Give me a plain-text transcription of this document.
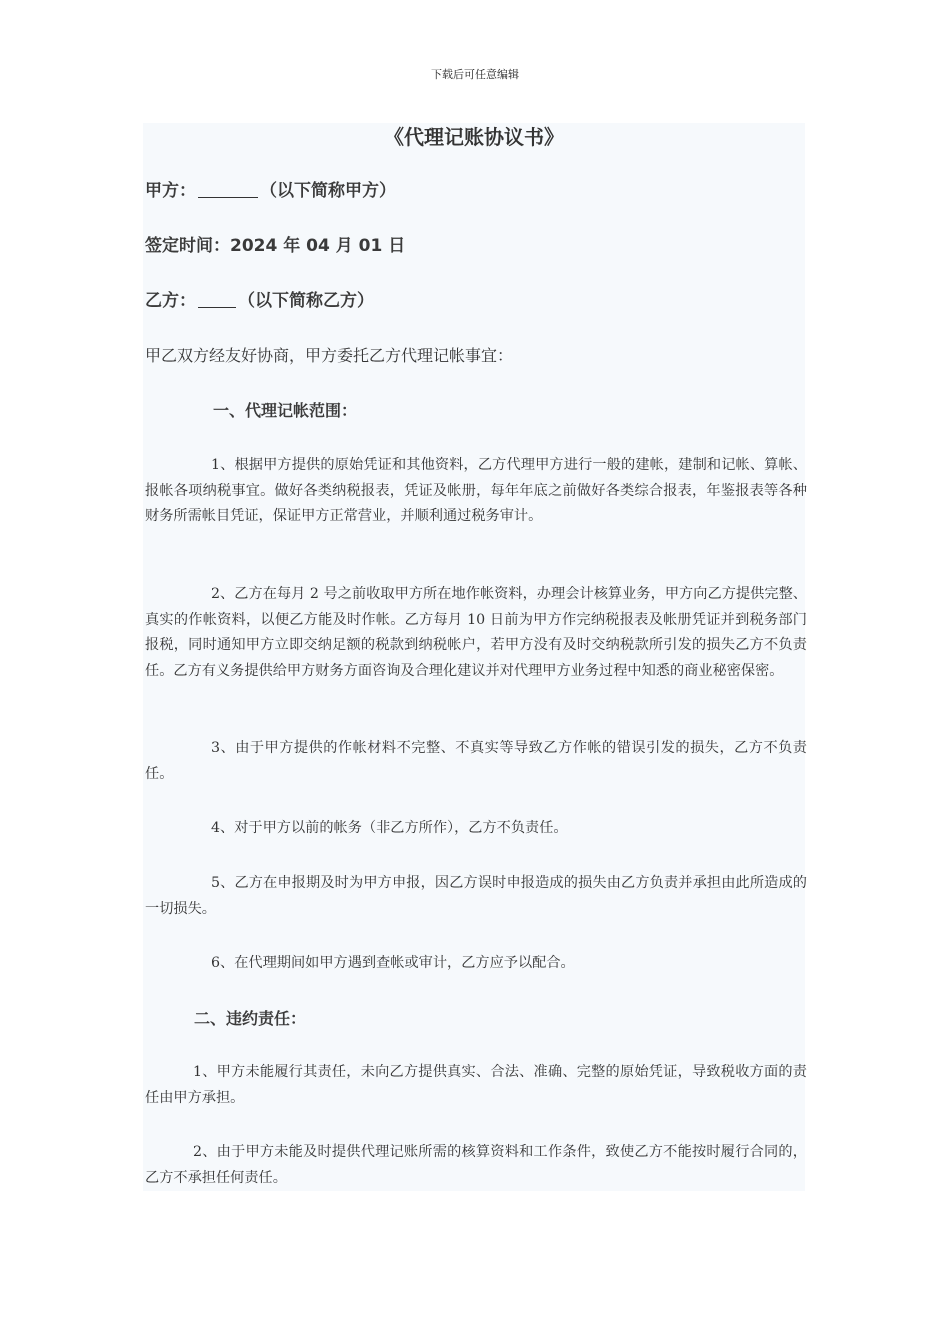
下载后可任意编辑
《代理记账协议书》
甲方：	（以下简称甲方）
签定时间：2024 年 04 月 01 日
乙方： （以下简称乙方）
甲乙双方经友好协商，甲方委托乙方代理记帐事宜：
一、代理记帐范围：
1、根据甲方提供的原始凭证和其他资料，乙方代理甲方进行一般的建帐，建制和记帐、算帐、报帐各项纳税事宜。做好各类纳税报表，凭证及帐册，每年年底之前做好各类综合报表，年鉴报表等各种财务所需帐目凭证，保证甲方正常营业，并顺利通过税务审计。
2、乙方在每月 2 号之前收取甲方所在地作帐资料，办理会计核算业务，甲方向乙方提供完整、真实的作帐资料，以便乙方能及时作帐。乙方每月 10 日前为甲方作完纳税报表及帐册凭证并到税务部门报税，同时通知甲方立即交纳足额的税款到纳税帐户，若甲方没有及时交纳税款所引发的损失乙方不负责任。乙方有义务提供给甲方财务方面咨询及合理化建议并对代理甲方业务过程中知悉的商业秘密保密。
3、由于甲方提供的作帐材料不完整、不真实等导致乙方作帐的错误引发的损失，乙方不负责任。
4、对于甲方以前的帐务（非乙方所作），乙方不负责任。
5、乙方在申报期及时为甲方申报，因乙方误时申报造成的损失由乙方负责并承担由此所造成的一切损失。
6、在代理期间如甲方遇到查帐或审计，乙方应予以配合。
二、违约责任：
1、甲方未能履行其责任，未向乙方提供真实、合法、准确、完整的原始凭证，导致税收方面的责任由甲方承担。
2、由于甲方未能及时提供代理记账所需的核算资料和工作条件，致使乙方不能按时履行合同的，乙方不承担任何责任。
